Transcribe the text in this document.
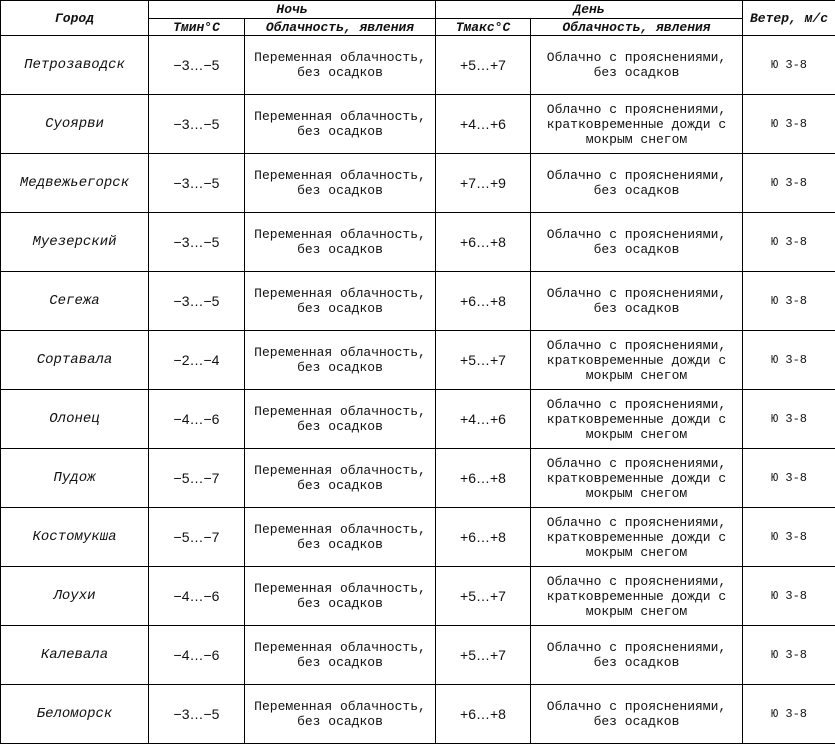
Город	Ночь		День		Ветер, м/с
	Тмин°С	Облачность, явления	Тмакс°С	Облачность, явления	
Петрозаводск	−3…−5	Переменная облачность, без осадков	+5…+7	Облачно с прояснениями, без осадков	Ю 3-8
Суоярви	−3…−5	Переменная облачность, без осадков	+4…+6	Облачно с прояснениями, кратковременные дожди с мокрым снегом	Ю 3-8
Медвежьегорск	−3…−5	Переменная облачность, без осадков	+7…+9	Облачно с прояснениями, без осадков	Ю 3-8
Муезерский	−3…−5	Переменная облачность, без осадков	+6…+8	Облачно с прояснениями, без осадков	Ю 3-8
Сегежа	−3…−5	Переменная облачность, без осадков	+6…+8	Облачно с прояснениями, без осадков	Ю 3-8
Сортавала	−2…−4	Переменная облачность, без осадков	+5…+7	Облачно с прояснениями, кратковременные дожди с мокрым снегом	Ю 3-8
Олонец	−4…−6	Переменная облачность, без осадков	+4…+6	Облачно с прояснениями, кратковременные дожди с мокрым снегом	Ю 3-8
Пудож	−5…−7	Переменная облачность, без осадков	+6…+8	Облачно с прояснениями, кратковременные дожди с мокрым снегом	Ю 3-8
Костомукша	−5…−7	Переменная облачность, без осадков	+6…+8	Облачно с прояснениями, кратковременные дожди с мокрым снегом	Ю 3-8
Лоухи	−4…−6	Переменная облачность, без осадков	+5…+7	Облачно с прояснениями, кратковременные дожди с мокрым снегом	Ю 3-8
Калевала	−4…−6	Переменная облачность, без осадков	+5…+7	Облачно с прояснениями, без осадков	Ю 3-8
Беломорск	−3…−5	Переменная облачность, без осадков	+6…+8	Облачно с прояснениями, без осадков	Ю 3-8
